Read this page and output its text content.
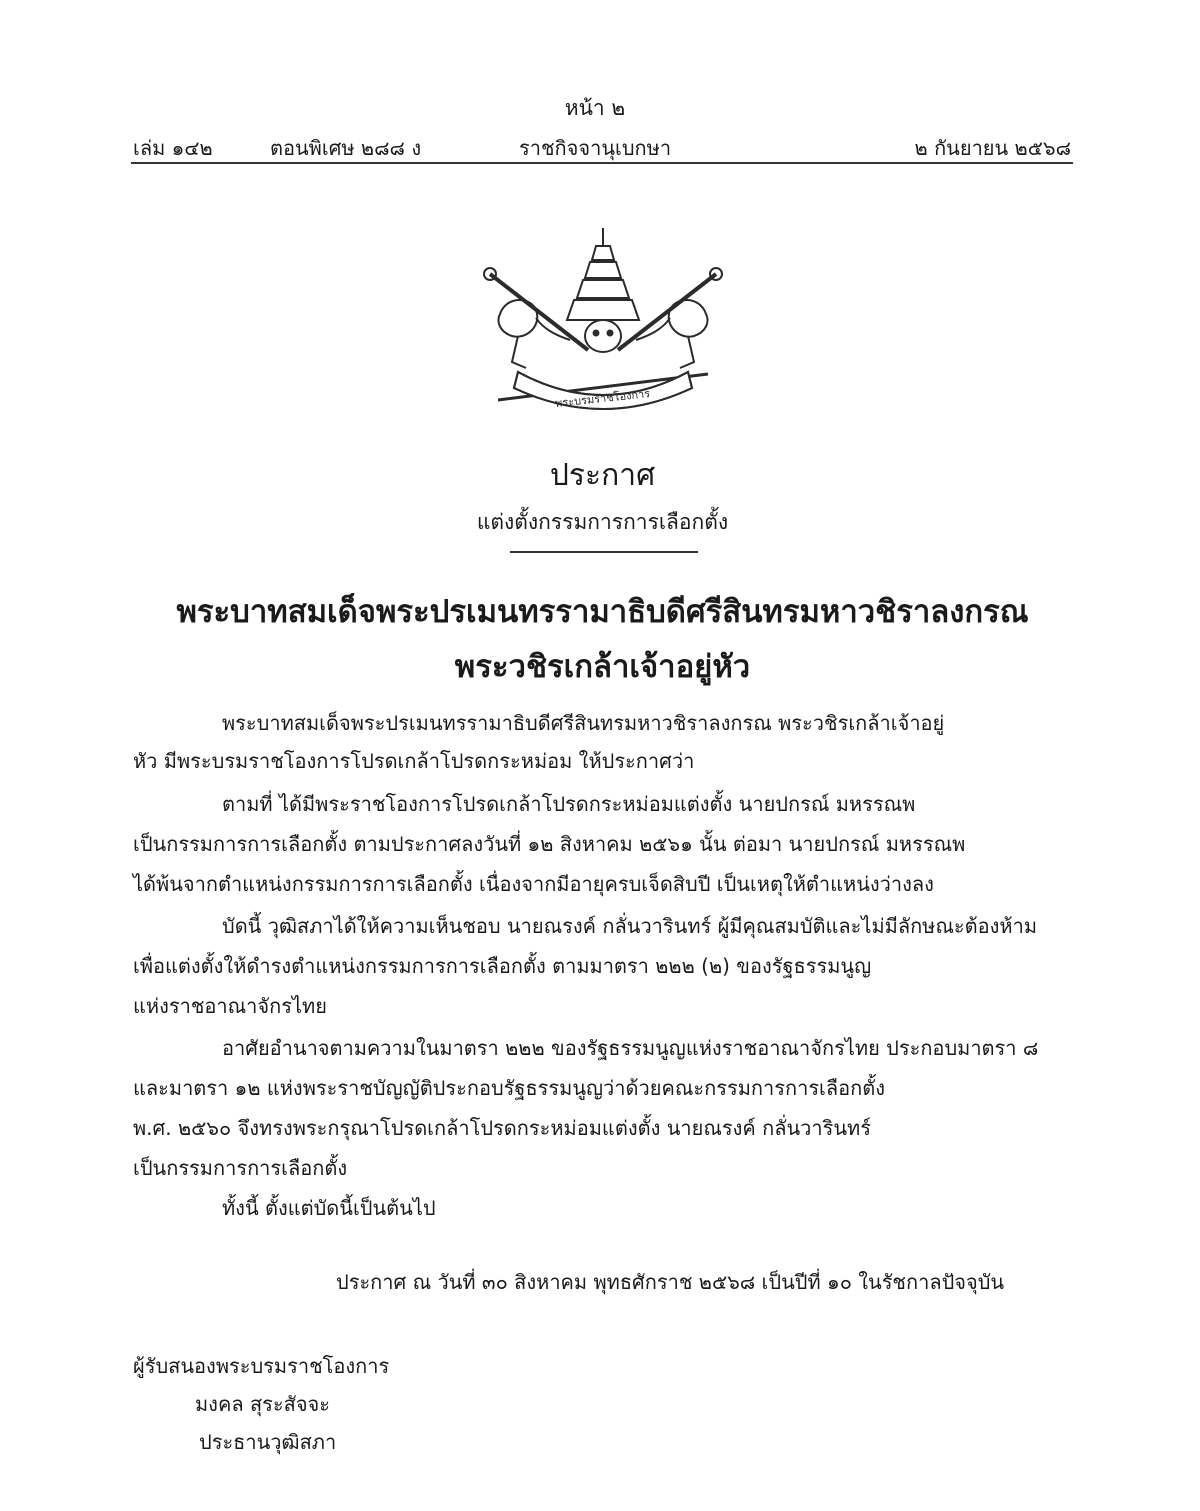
หน้า ๒
เล่ม ๑๔๒	ตอนพิเศษ ๒๘๘ ง	ราชกิจจานุเบกษา	๒ กันยายน ๒๕๖๘
พระบรมราชโองการ
ประกาศ
แต่งตั้งกรรมการการเลือกตั้ง
พระบาทสมเด็จพระปรเมนทรรามาธิบดีศรีสินทรมหาวชิราลงกรณ
พระวชิรเกล้าเจ้าอยู่หัว
พระบาทสมเด็จพระปรเมนทรรามาธิบดีศรีสินทรมหาวชิราลงกรณ พระวชิรเกล้าเจ้าอยู่
หัว มีพระบรมราชโองการโปรดเกล้าโปรดกระหม่อม ให้ประกาศว่า
ตามที่ ได้มีพระราชโองการโปรดเกล้าโปรดกระหม่อมแต่งตั้ง นายปกรณ์ มหรรณพ
เป็นกรรมการการเลือกตั้ง ตามประกาศลงวันที่ ๑๒ สิงหาคม ๒๕๖๑ นั้น ต่อมา นายปกรณ์ มหรรณพ
ได้พ้นจากตำแหน่งกรรมการการเลือกตั้ง เนื่องจากมีอายุครบเจ็ดสิบปี เป็นเหตุให้ตำแหน่งว่างลง
บัดนี้ วุฒิสภาได้ให้ความเห็นชอบ นายณรงค์ กลั่นวารินทร์ ผู้มีคุณสมบัติและไม่มีลักษณะต้องห้าม
เพื่อแต่งตั้งให้ดำรงตำแหน่งกรรมการการเลือกตั้ง ตามมาตรา ๒๒๒ (๒) ของรัฐธรรมนูญ
แห่งราชอาณาจักรไทย
อาศัยอำนาจตามความในมาตรา ๒๒๒ ของรัฐธรรมนูญแห่งราชอาณาจักรไทย ประกอบมาตรา ๘
และมาตรา ๑๒ แห่งพระราชบัญญัติประกอบรัฐธรรมนูญว่าด้วยคณะกรรมการการเลือกตั้ง
พ.ศ. ๒๕๖๐ จึงทรงพระกรุณาโปรดเกล้าโปรดกระหม่อมแต่งตั้ง นายณรงค์ กลั่นวารินทร์
เป็นกรรมการการเลือกตั้ง
ทั้งนี้ ตั้งแต่บัดนี้เป็นต้นไป
ประกาศ ณ วันที่ ๓๐ สิงหาคม พุทธศักราช ๒๕๖๘ เป็นปีที่ ๑๐ ในรัชกาลปัจจุบัน
ผู้รับสนองพระบรมราชโองการ
มงคล สุระสัจจะ
ประธานวุฒิสภา
